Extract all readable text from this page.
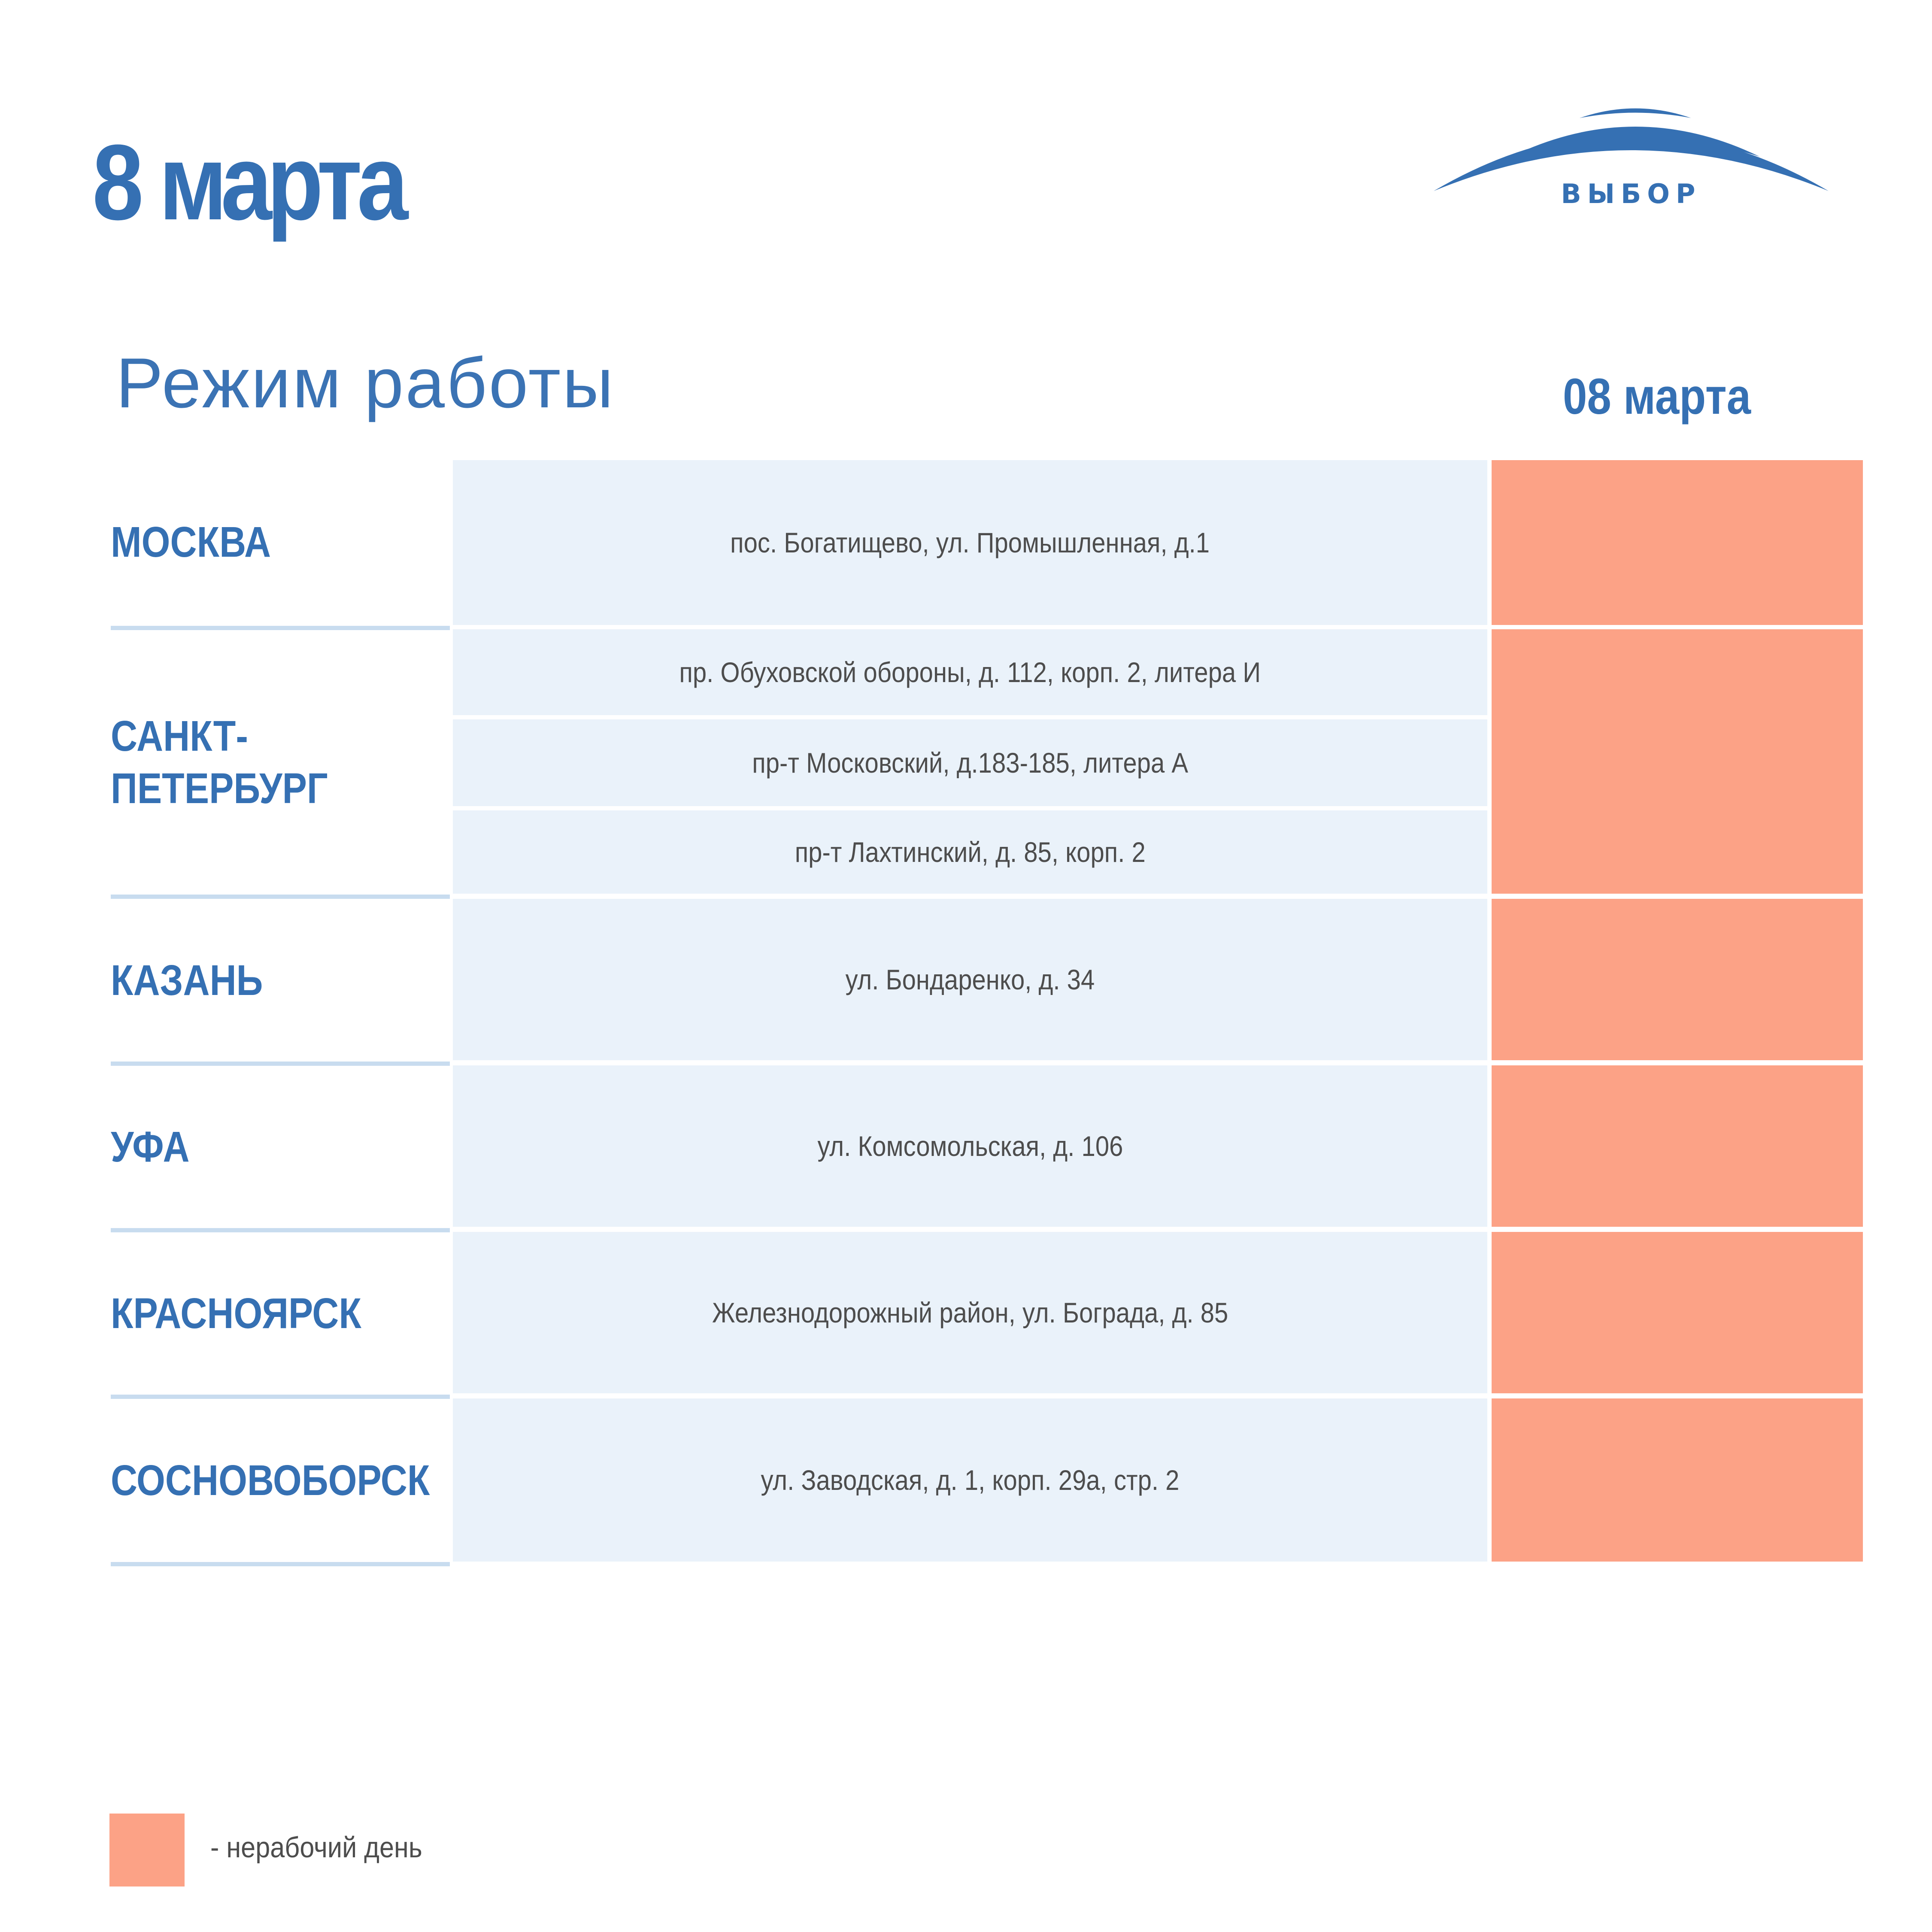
8 марта	ВЫБОР
Режим работы	08 марта
МОСКВА
САНКТ-
ПЕТЕРБУРГ
КАЗАНЬ
УФА
КРАСНОЯРСК
СОСНОВОБОРСК
пос. Богатищево, ул. Промышленная, д.1
пр. Обуховской обороны, д. 112, корп. 2, литера И
пр-т Московский, д.183-185, литера А
пр-т Лахтинский, д. 85, корп. 2
ул. Бондаренко, д. 34
ул. Комсомольская, д. 106
Железнодорожный район, ул. Бограда, д. 85
ул. Заводская, д. 1, корп. 29а, стр. 2
- нерабочий день
